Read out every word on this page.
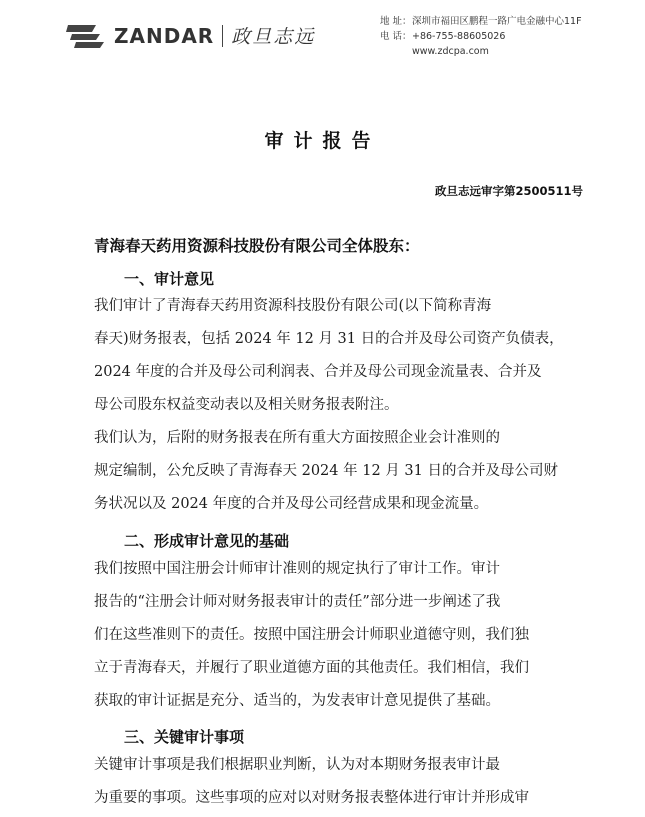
ZANDAR 政旦志远
地 址：深圳市福田区鹏程一路广电金融中心11F
电 话：+86-755-88605026
www.zdcpa.com
审计报告
政旦志远审字第2500511号
青海春天药用资源科技股份有限公司全体股东：
一、审计意见
我们审计了青海春天药用资源科技股份有限公司(以下简称青海
春天)财务报表，包括 2024 年 12 月 31 日的合并及母公司资产负债表，
2024 年度的合并及母公司利润表、合并及母公司现金流量表、合并及
母公司股东权益变动表以及相关财务报表附注。
我们认为，后附的财务报表在所有重大方面按照企业会计准则的
规定编制，公允反映了青海春天 2024 年 12 月 31 日的合并及母公司财
务状况以及 2024 年度的合并及母公司经营成果和现金流量。
二、形成审计意见的基础
我们按照中国注册会计师审计准则的规定执行了审计工作。审计
报告的“注册会计师对财务报表审计的责任”部分进一步阐述了我
们在这些准则下的责任。按照中国注册会计师职业道德守则，我们独
立于青海春天，并履行了职业道德方面的其他责任。我们相信，我们
获取的审计证据是充分、适当的，为发表审计意见提供了基础。
三、关键审计事项
关键审计事项是我们根据职业判断，认为对本期财务报表审计最
为重要的事项。这些事项的应对以对财务报表整体进行审计并形成审
